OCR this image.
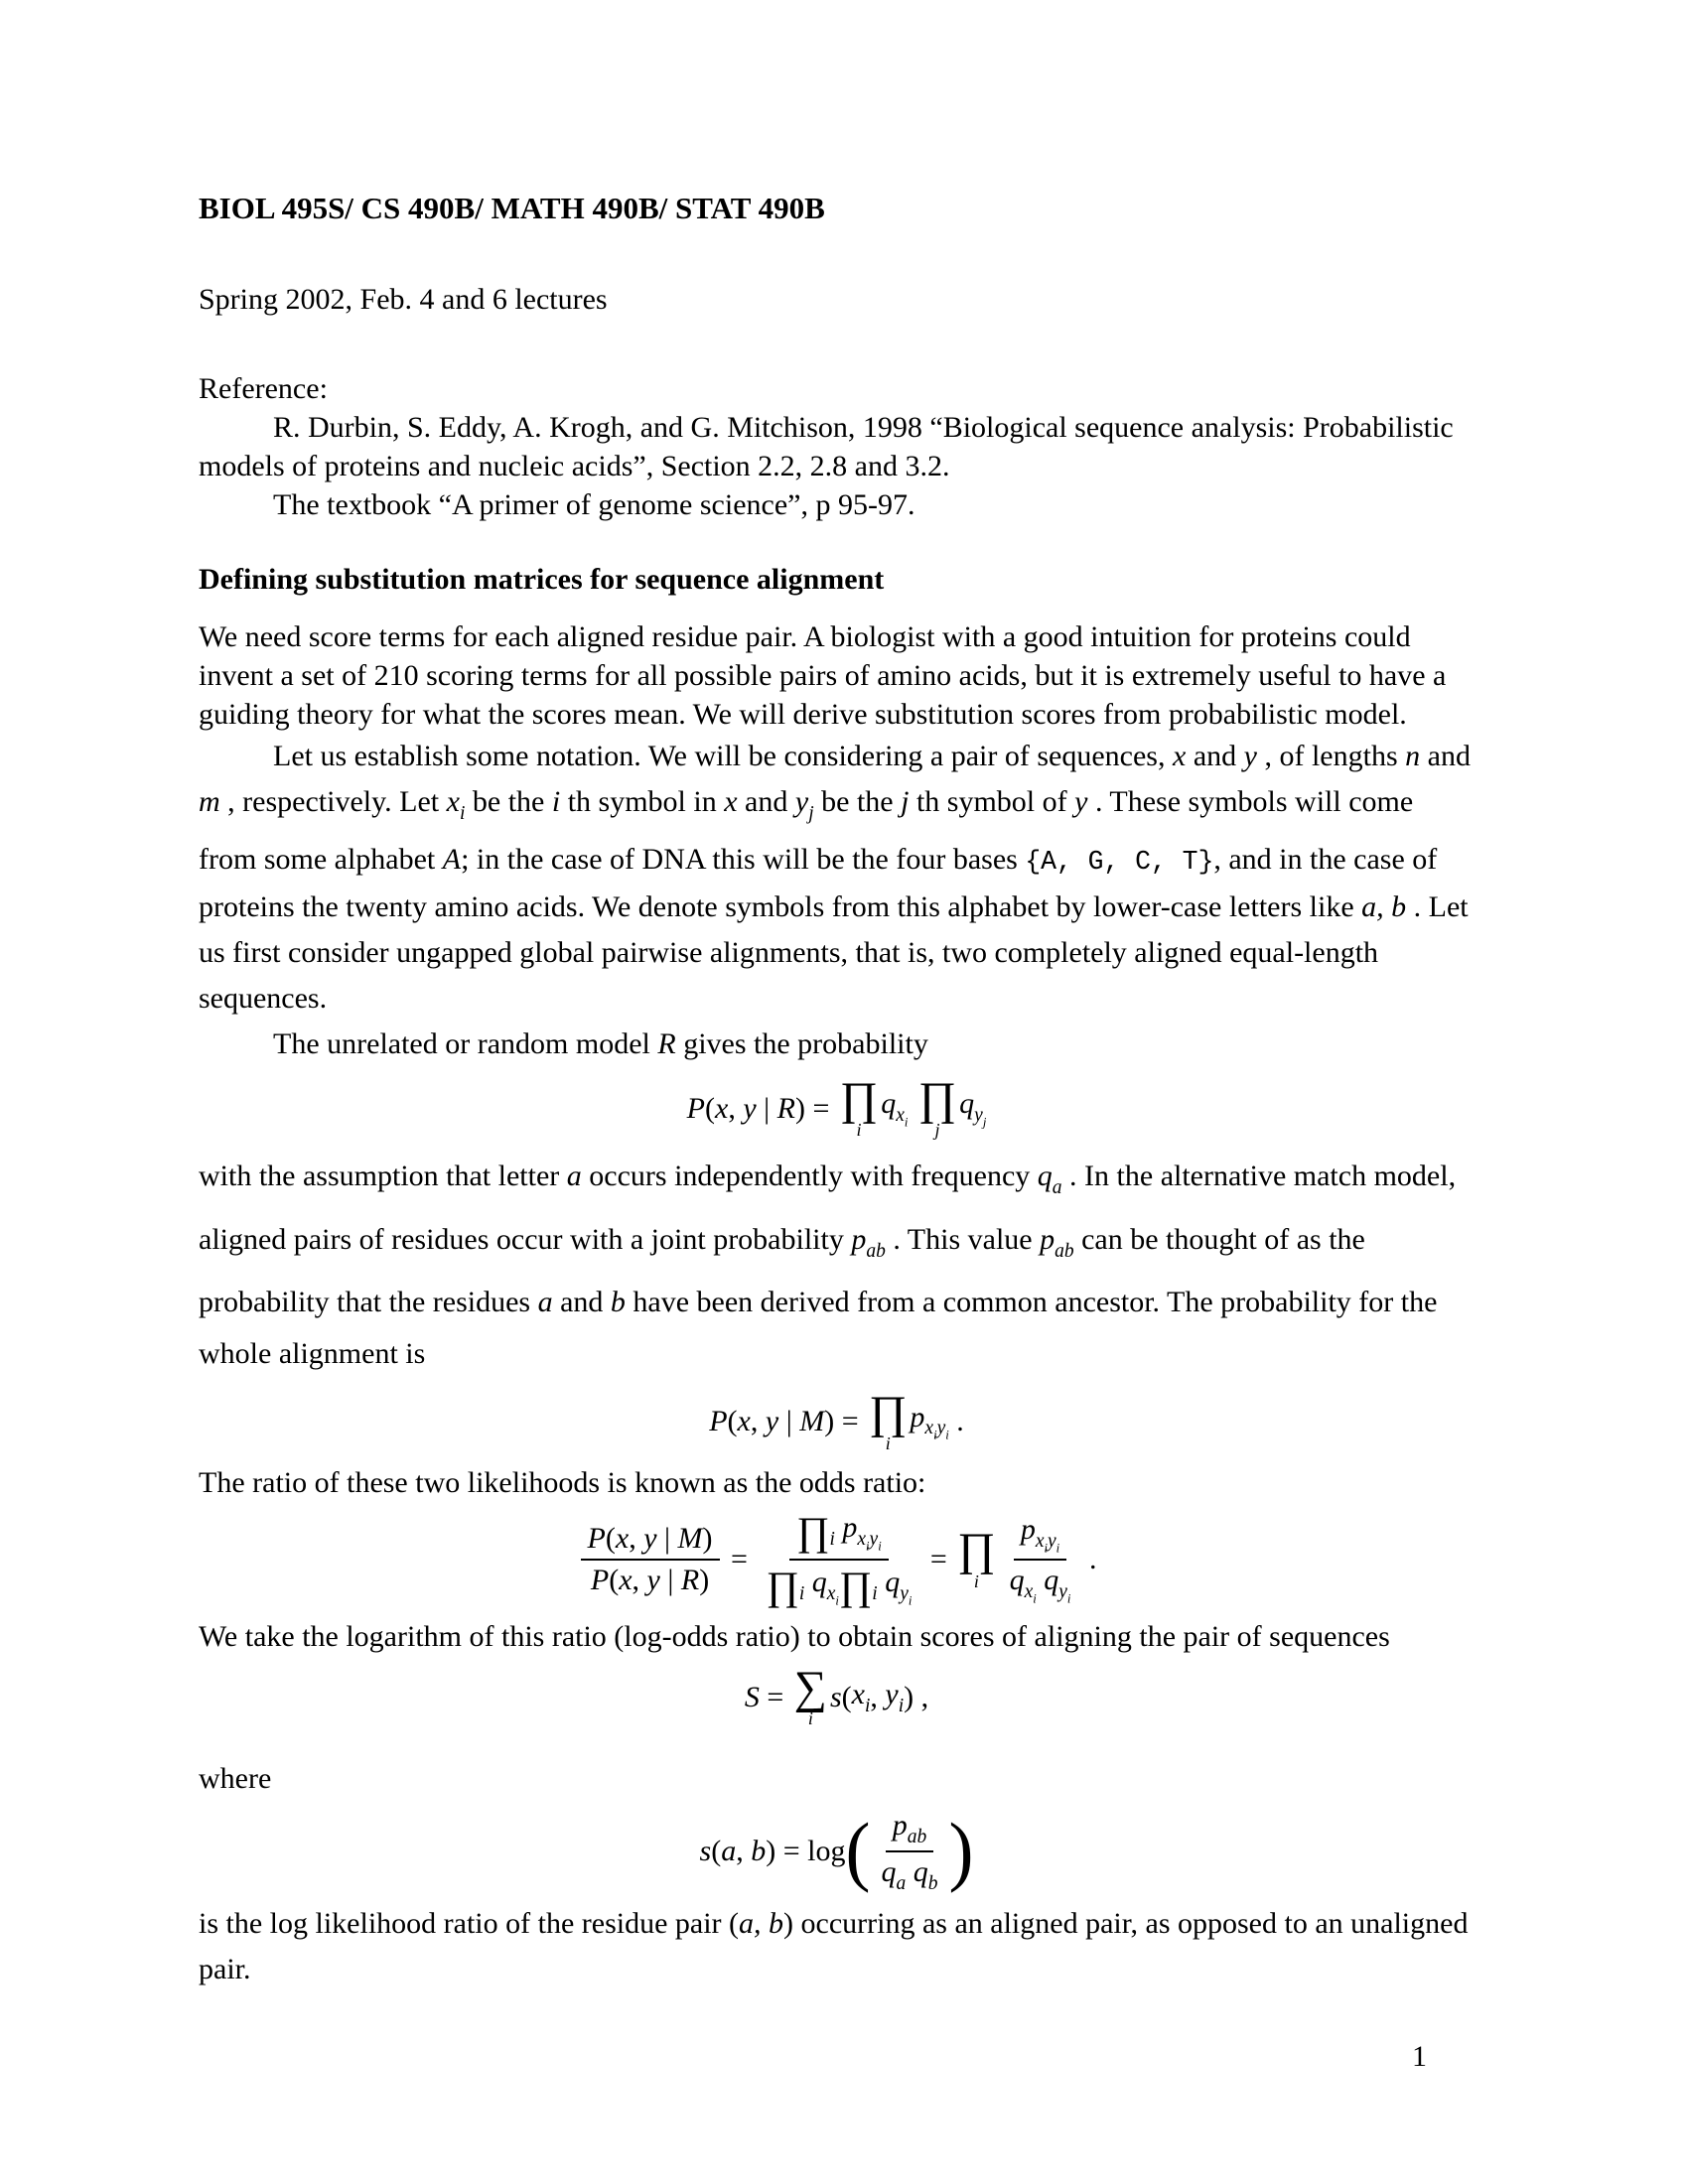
BIOL 495S/ CS 490B/ MATH 490B/ STAT 490B

Spring 2002, Feb. 4 and 6 lectures

Reference:

R. Durbin, S. Eddy, A. Krogh, and G. Mitchison, 1998 “Biological sequence analysis: Probabilistic models of proteins and nucleic acids”, Section 2.2, 2.8 and 3.2.

The textbook “A primer of genome science”, p 95-97.

Defining substitution matrices for sequence alignment

We need score terms for each aligned residue pair. A biologist with a good intuition for proteins could invent a set of 210 scoring terms for all possible pairs of amino acids, but it is extremely useful to have a guiding theory for what the scores mean. We will derive substitution scores from probabilistic model.

Let us establish some notation. We will be considering a pair of sequences, x and y , of lengths n and m , respectively. Let $x_i$ be the i th symbol in x and $y_j$ be the j th symbol of y . These symbols will come from some alphabet A; in the case of DNA this will be the four bases {A, G, C, T}, and in the case of proteins the twenty amino acids. We denote symbols from this alphabet by lower-case letters like a, b . Let us first consider ungapped global pairwise alignments, that is, two completely aligned equal-length sequences.

The unrelated or random model R gives the probability

P ( x , y | R ) = ∏
i
$q_{x_i}$
∏
j
$q_{y_j}$

with the assumption that letter a occurs independently with frequency $q_a$ . In the alternative match model, aligned pairs of residues occur with a joint probability $p_{ab}$ . This value $p_{ab}$ can be thought of as the probability that the residues a and b have been derived from a common ancestor. The probability for the whole alignment is

P ( x , y | M ) = ∏
i
$p_{x_iy_i}$ .

The ratio of these two likelihoods is known as the odds ratio:

$\frac{P(x, y | M)}{P(x, y | R)} = \frac{\prod_i p_{x_iy_i}}{\prod_i q_{x_i}\prod_i q_{y_i}}$ = ∏
i $\frac{p_{x_iy_i}}{q_{x_i} q_{y_i}}$ .

We take the logarithm of this ratio (log-odds ratio) to obtain scores of aligning the pair of sequences

S = ∑
i
s ( $x_i$ , $y_i$ ) ,

where

s ( a , b ) = log ( $\frac{p_{ab}}{q_a q_b}$ )

is the log likelihood ratio of the residue pair (a, b) occurring as an aligned pair, as opposed to an unaligned pair.

1
